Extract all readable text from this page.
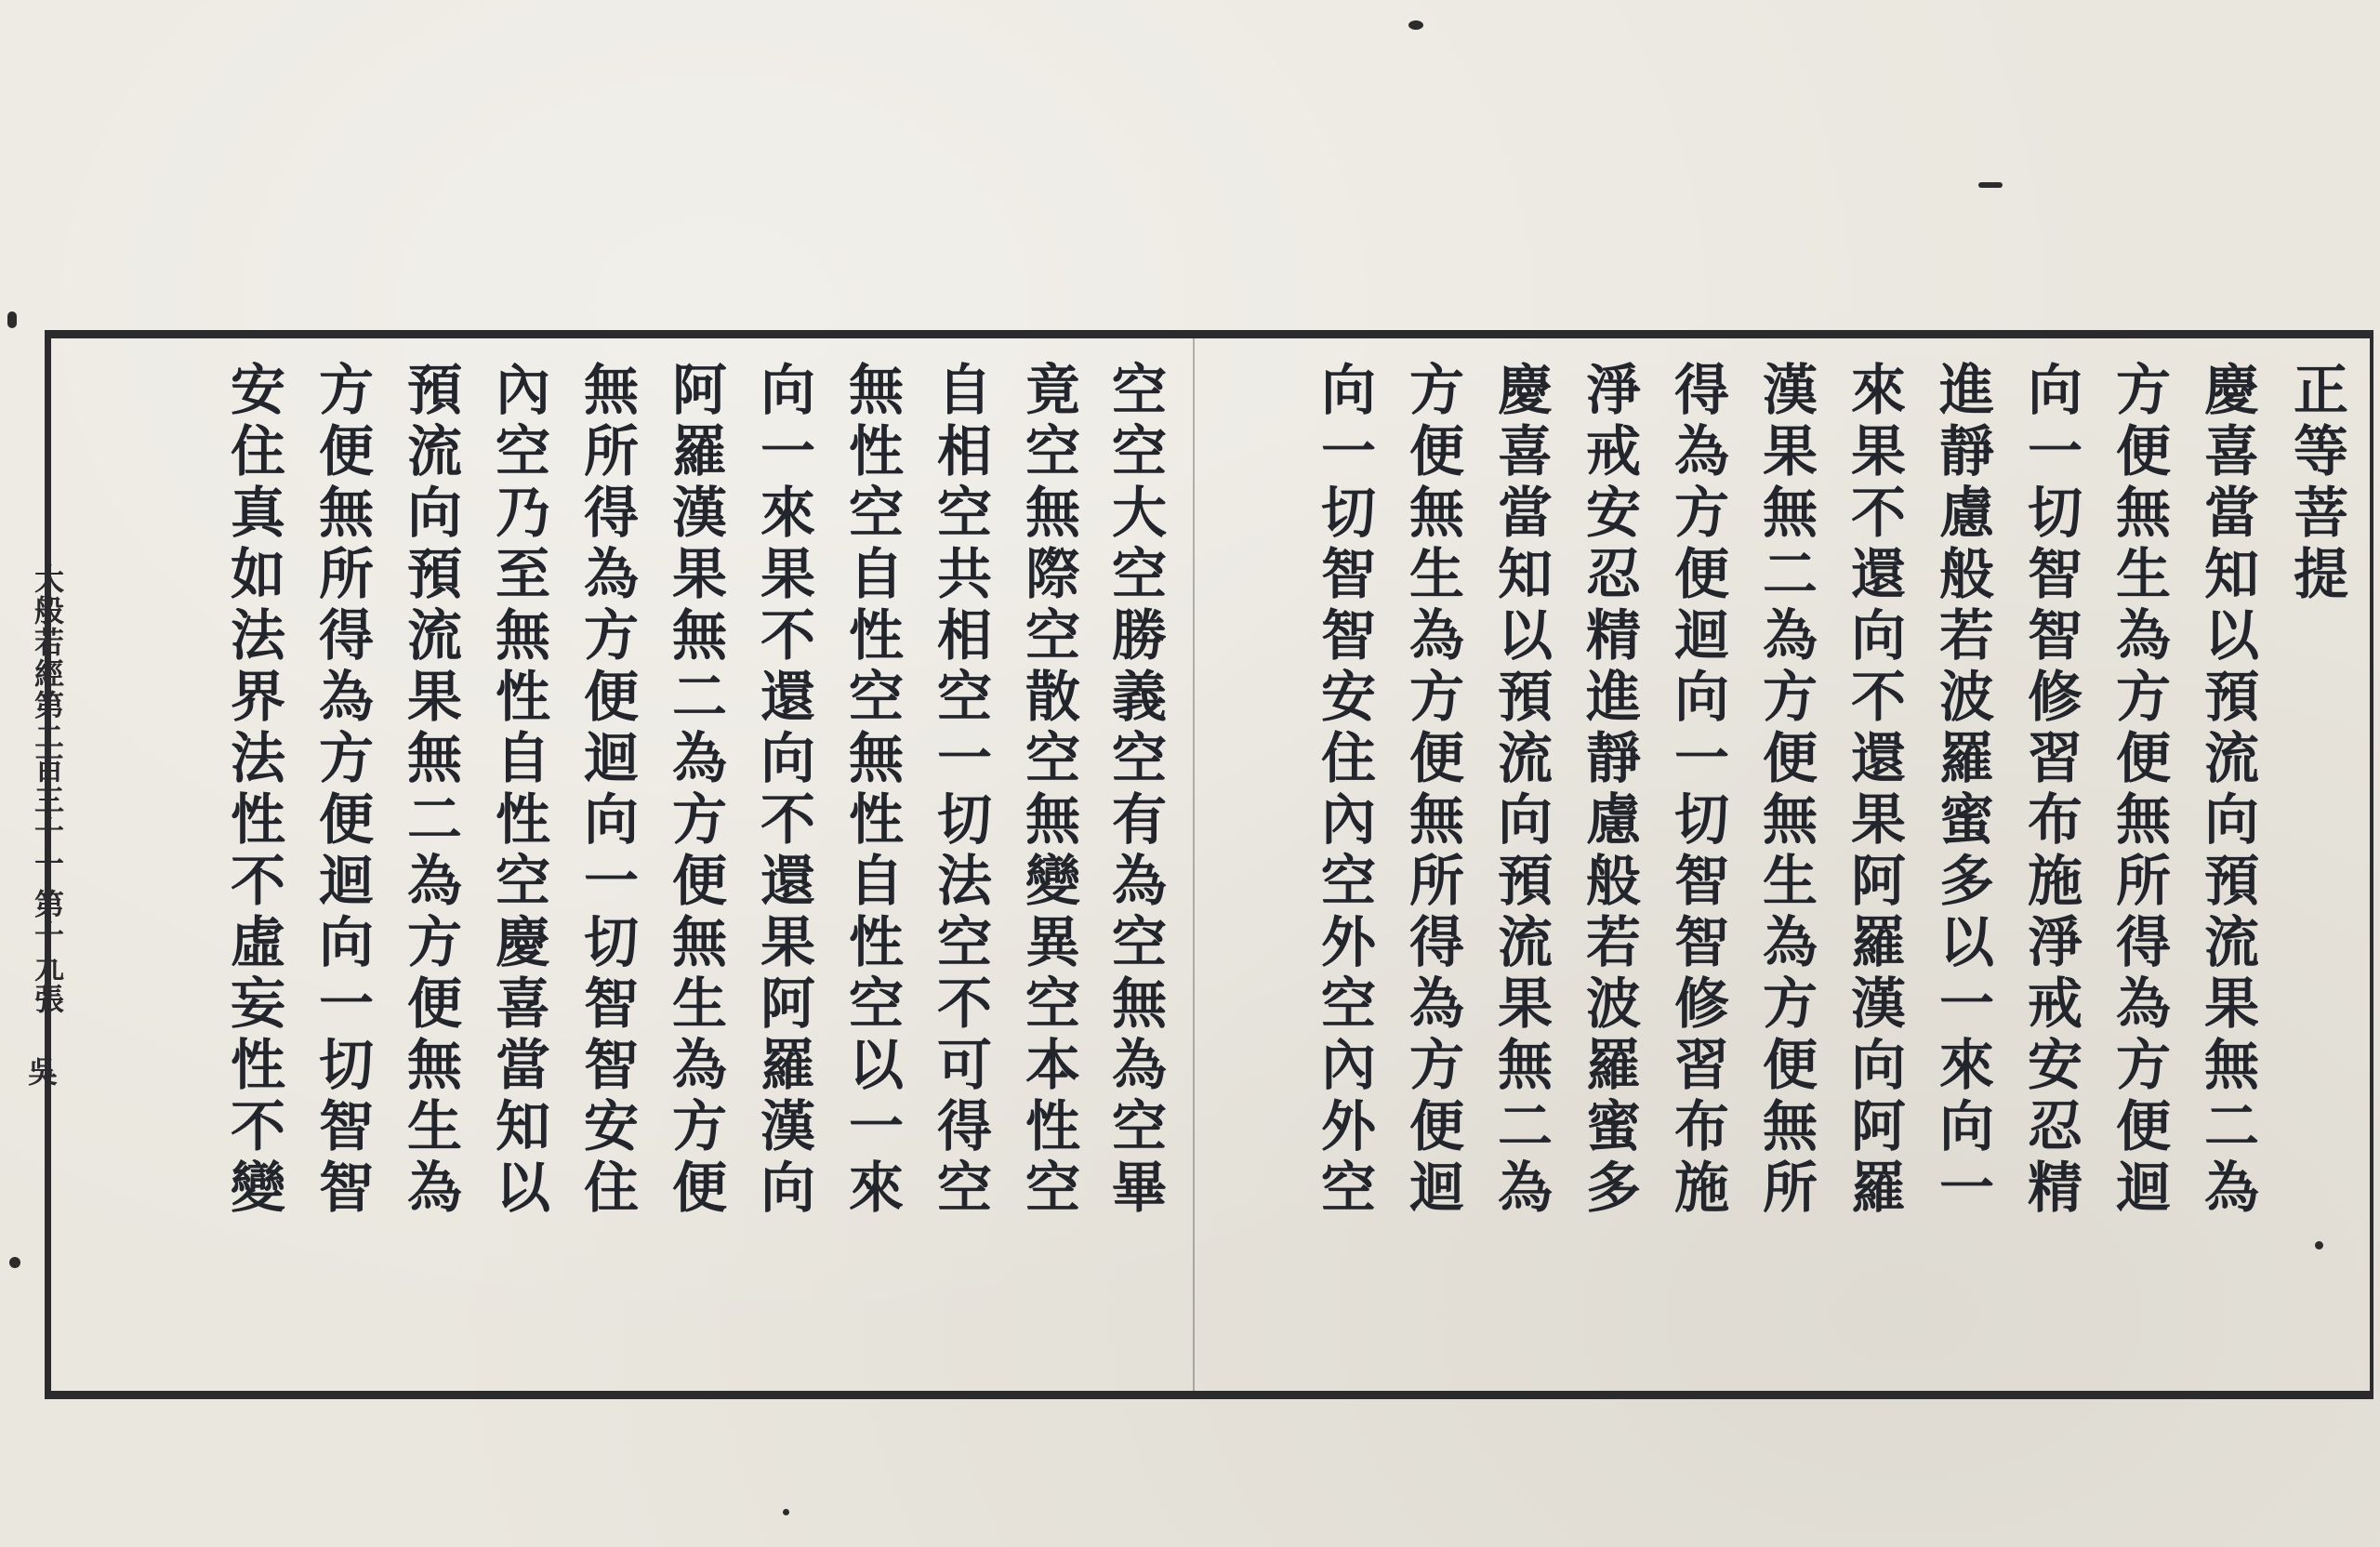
正等菩提
慶喜當知以預流向預流果無二為
方便無生為方便無所得為方便迴
向一切智智修習布施淨戒安忍精
進靜慮般若波羅蜜多以一來向一
來果不還向不還果阿羅漢向阿羅
漢果無二為方便無生為方便無所
得為方便迴向一切智智修習布施
淨戒安忍精進靜慮般若波羅蜜多
慶喜當知以預流向預流果無二為
方便無生為方便無所得為方便迴
向一切智智安住內空外空內外空
空空大空勝義空有為空無為空畢
竟空無際空散空無變異空本性空
自相空共相空一切法空不可得空
無性空自性空無性自性空以一來
向一來果不還向不還果阿羅漢向
阿羅漢果無二為方便無生為方便
無所得為方便迴向一切智智安住
內空乃至無性自性空慶喜當知以
預流向預流果無二為方便無生為
方便無所得為方便迴向一切智智
安住真如法界法性不虛妄性不變
大般若經第二百三十一
第十九張
吳
